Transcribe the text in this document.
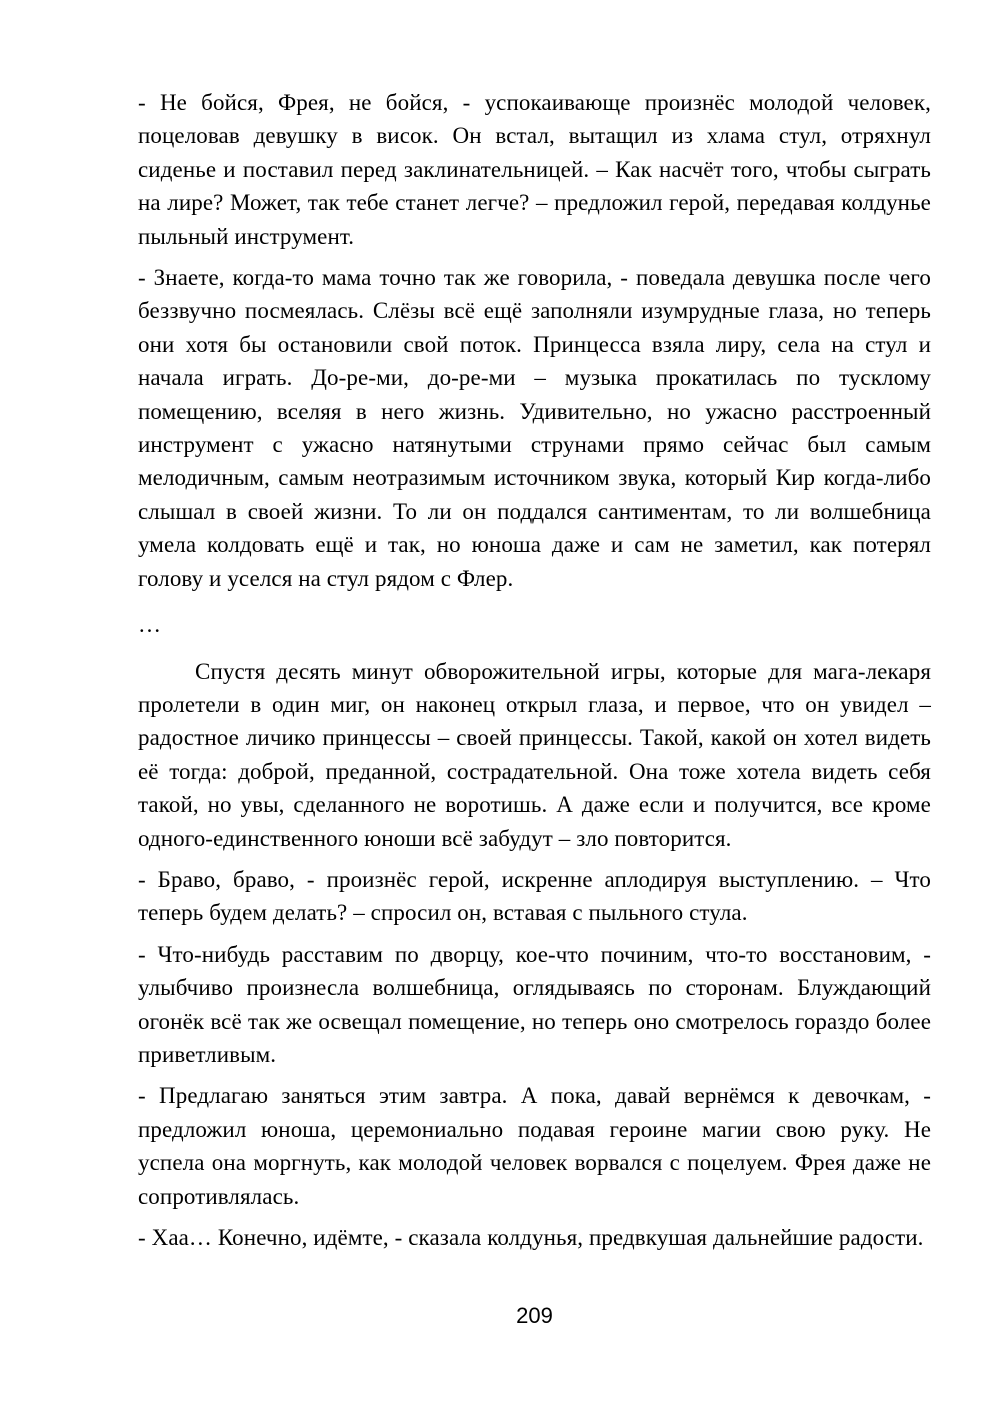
- Не бойся, Фрея, не бойся, - успокаивающе произнёс молодой человек, поцеловав девушку в висок. Он встал, вытащил из хлама стул, отряхнул сиденье и поставил перед заклинательницей. – Как насчёт того, чтобы сыграть на лире? Может, так тебе станет легче? – предложил герой, передавая колдунье пыльный инструмент.

- Знаете, когда-то мама точно так же говорила, - поведала девушка после чего беззвучно посмеялась. Слёзы всё ещё заполняли изумрудные глаза, но теперь они хотя бы остановили свой поток. Принцесса взяла лиру, села на стул и начала играть. До-ре-ми, до-ре-ми – музыка прокатилась по тусклому помещению, вселяя в него жизнь. Удивительно, но ужасно расстроенный инструмент с ужасно натянутыми струнами прямо сейчас был самым мелодичным, самым неотразимым источником звука, который Кир когда-либо слышал в своей жизни. То ли он поддался сантиментам, то ли волшебница умела колдовать ещё и так, но юноша даже и сам не заметил, как потерял голову и уселся на стул рядом с Флер.

…

Спустя десять минут обворожительной игры, которые для мага-лекаря пролетели в один миг, он наконец открыл глаза, и первое, что он увидел – радостное личико принцессы – своей принцессы. Такой, какой он хотел видеть её тогда: доброй, преданной, сострадательной. Она тоже хотела видеть себя такой, но увы, сделанного не воротишь. А даже если и получится, все кроме одного-единственного юноши всё забудут – зло повторится.

- Браво, браво, - произнёс герой, искренне аплодируя выступлению. – Что теперь будем делать? – спросил он, вставая с пыльного стула.

- Что-нибудь расставим по дворцу, кое-что починим, что-то восстановим, - улыбчиво произнесла волшебница, оглядываясь по сторонам. Блуждающий огонёк всё так же освещал помещение, но теперь оно смотрелось гораздо более приветливым.

- Предлагаю заняться этим завтра. А пока, давай вернёмся к девочкам, - предложил юноша, церемониально подавая героине магии свою руку. Не успела она моргнуть, как молодой человек ворвался с поцелуем. Фрея даже не сопротивлялась.

- Хаа… Конечно, идёмте, - сказала колдунья, предвкушая дальнейшие радости.

209
